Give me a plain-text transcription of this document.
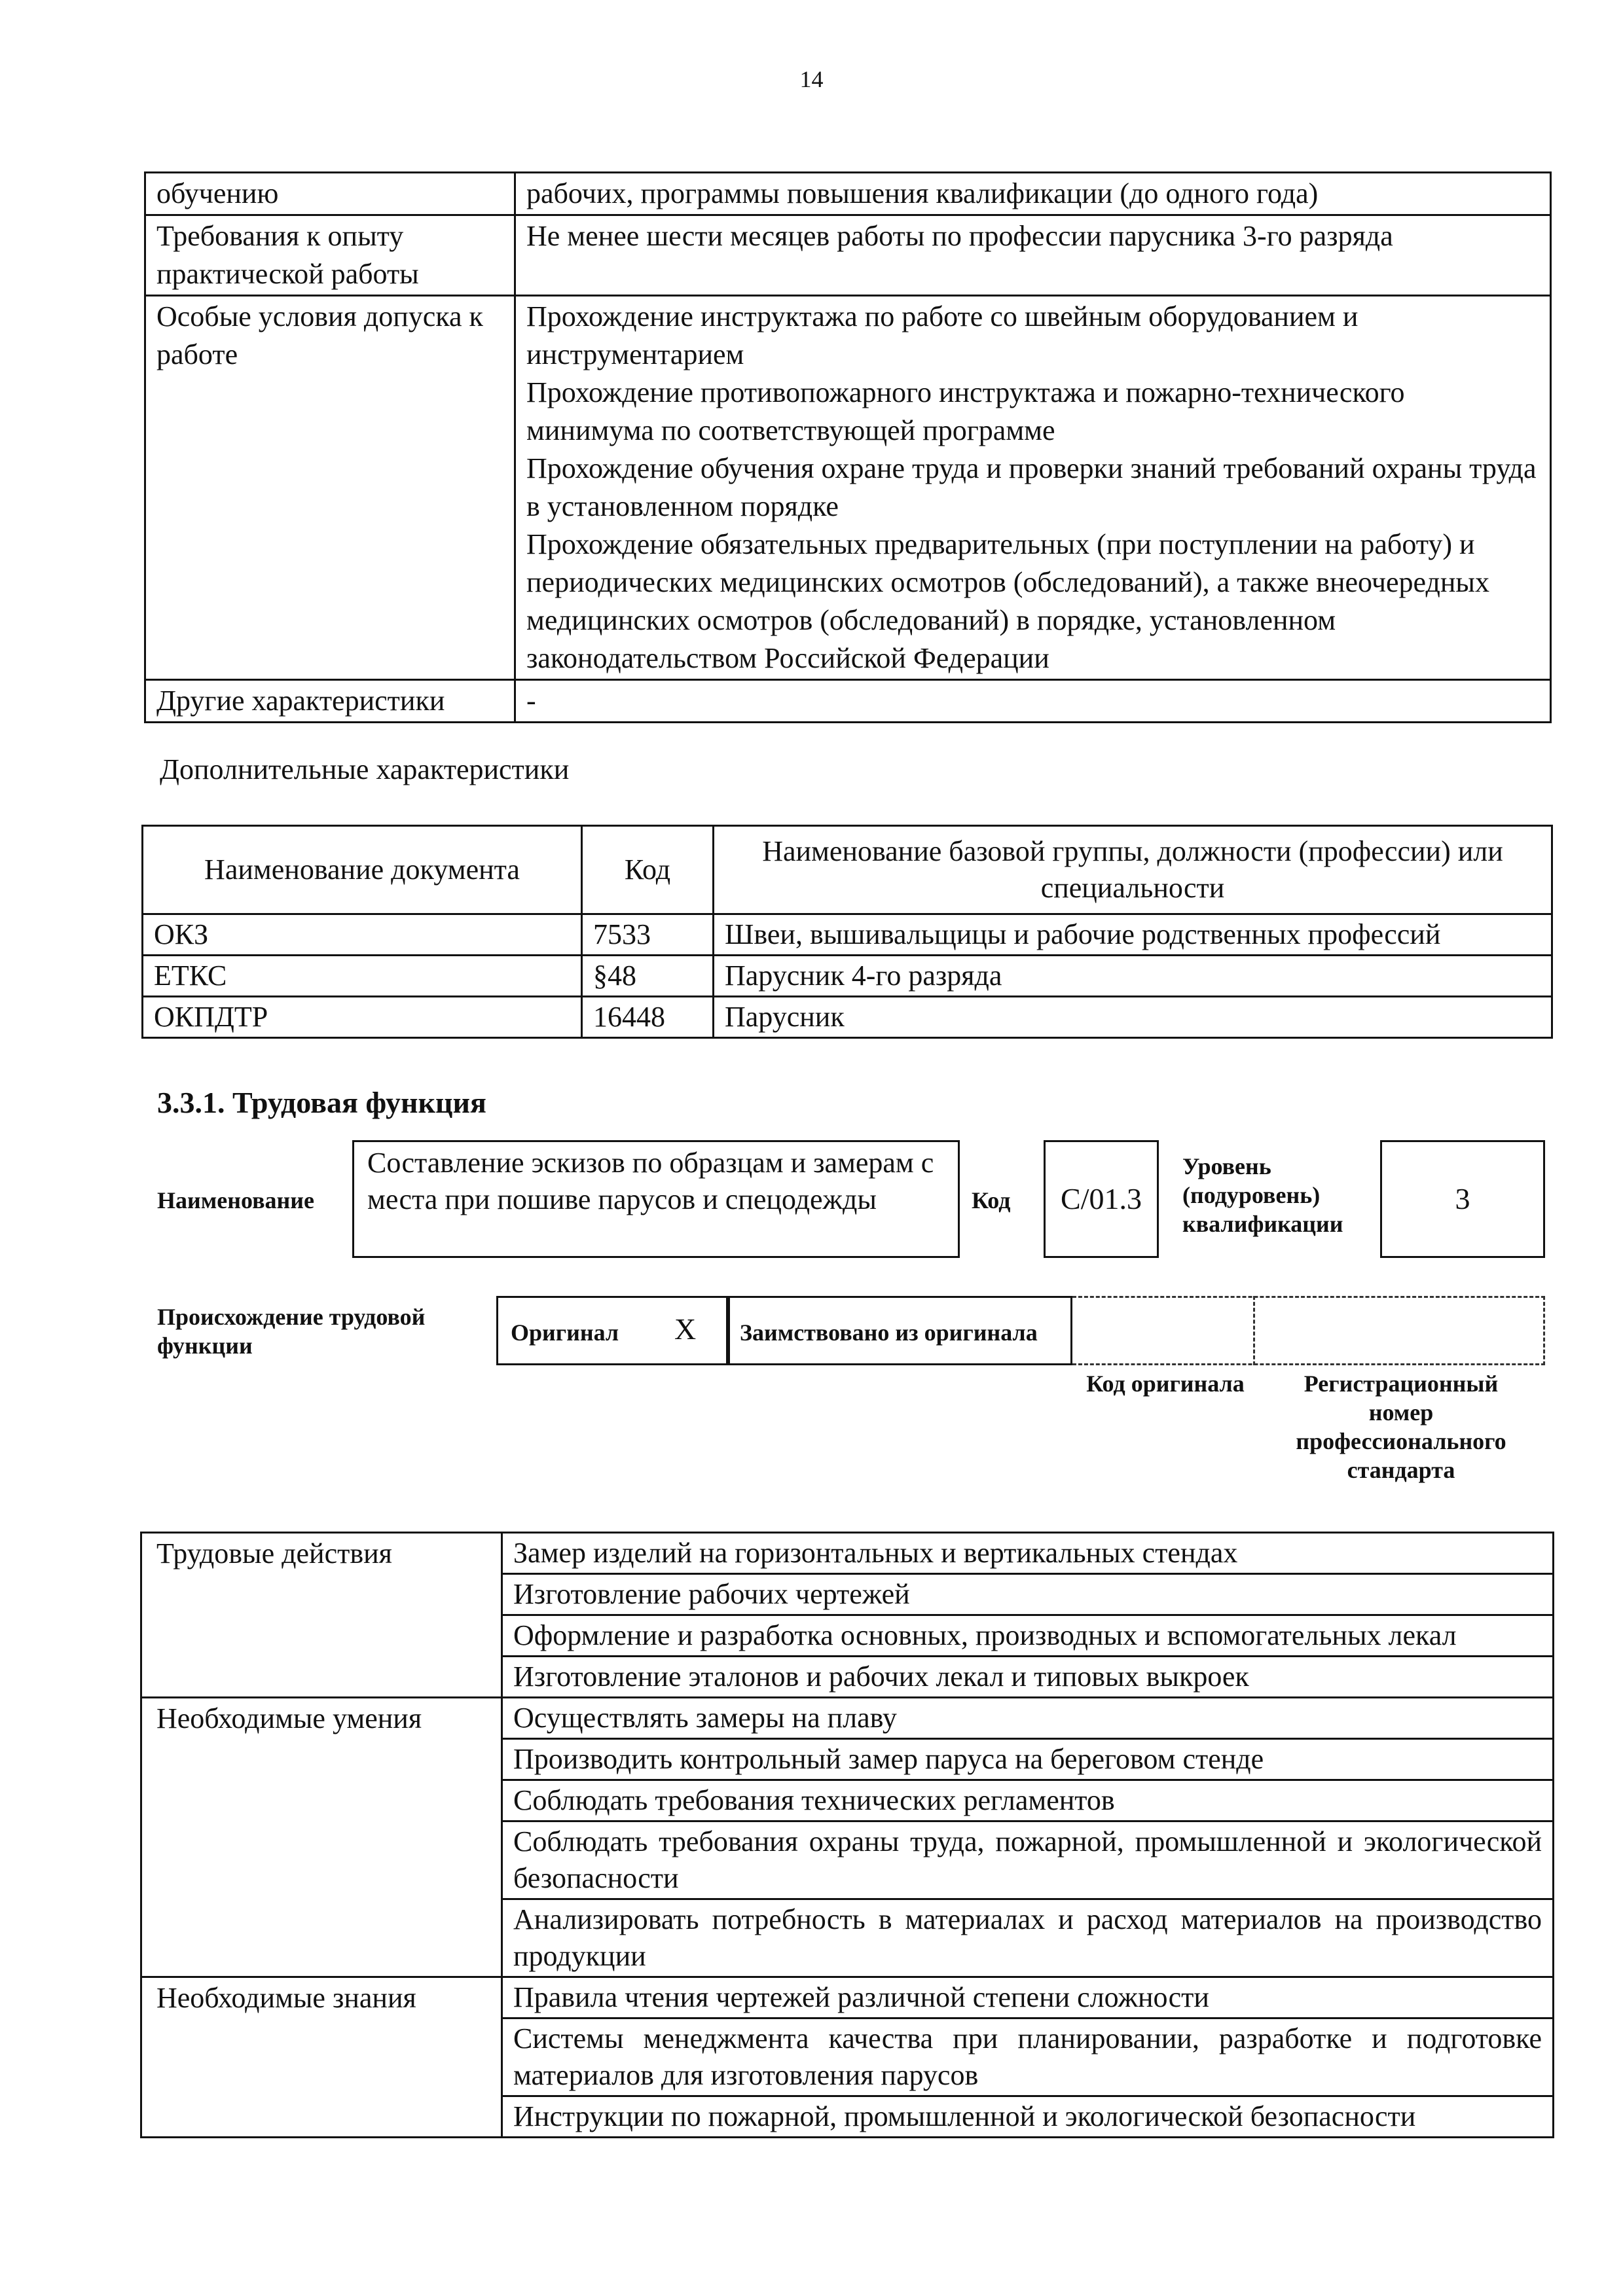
14
обучению	рабочих, программы повышения квалификации (до одного года)
Требования к опыту практической работы	Не менее шести месяцев работы по профессии парусника 3-го разряда
Особые условия допуска к работе	Прохождение инструктажа по работе со швейным оборудованием и инструментарием

Прохождение противопожарного инструктажа и пожарно-технического минимума по соответствующей программе

Прохождение обучения охране труда и проверки знаний требований охраны труда в установленном порядке

Прохождение обязательных предварительных (при поступлении на работу) и периодических медицинских осмотров (обследований), а также внеочередных медицинских осмотров (обследований) в порядке, установленном законодательством Российской Федерации

Другие характеристики	-
Дополнительные характеристики
Наименование документа	Код	Наименование базовой группы, должности (профессии) или специальности
ОКЗ	7533	Швеи, вышивальщицы и рабочие родственных профессий
ЕТКС	§48	Парусник 4-го разряда
ОКПДТР	16448	Парусник
3.3.1. Трудовая функция
Наименование
Составление эскизов по образцам и замерам с места при пошиве парусов и спецодежды	Код	C/01.3
Уровень (подуровень) квалификации
3
Происхождение трудовой функции	Оригинал X Заимствовано из оригинала
Код оригинала	Регистрационный номер профессионального стандарта
Трудовые действия	Замер изделий на горизонтальных и вертикальных стендах
	Изготовление рабочих чертежей
	Оформление и разработка основных, производных и вспомогательных лекал
	Изготовление эталонов и рабочих лекал и типовых выкроек
Необходимые умения	Осуществлять замеры на плаву
	Производить контрольный замер паруса на береговом стенде
	Соблюдать требования технических регламентов
	Соблюдать требования охраны труда, пожарной, промышленной и экологической безопасности
	Анализировать потребность в материалах и расход материалов на производство продукции
Необходимые знания	Правила чтения чертежей различной степени сложности
	Системы менеджмента качества при планировании, разработке и подготовке материалов для изготовления парусов
	Инструкции по пожарной, промышленной и экологической безопасности
